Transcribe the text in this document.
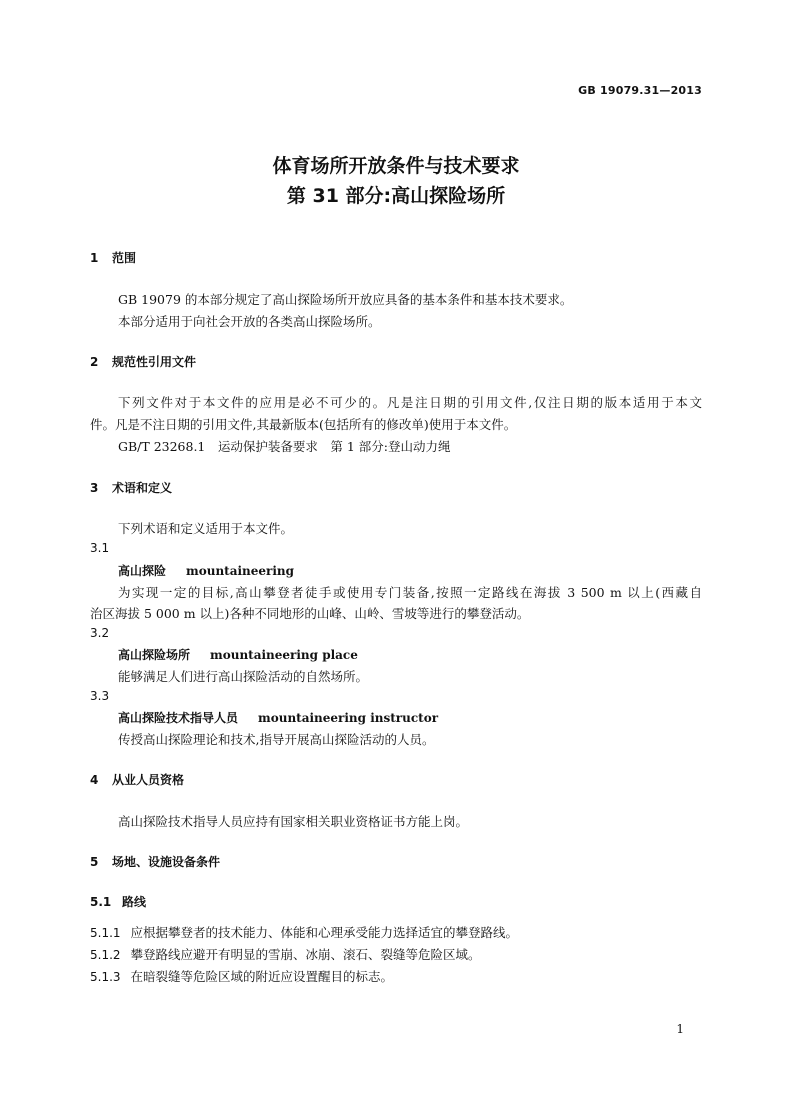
GB 19079.31—2013
体育场所开放条件与技术要求
第 31 部分:高山探险场所
1 范围
GB 19079 的本部分规定了高山探险场所开放应具备的基本条件和基本技术要求。
本部分适用于向社会开放的各类高山探险场所。
2 规范性引用文件
下列文件对于本文件的应用是必不可少的。凡是注日期的引用文件,仅注日期的版本适用于本文
件。凡是不注日期的引用文件,其最新版本(包括所有的修改单)使用于本文件。
GB/T 23268.1　运动保护装备要求　第 1 部分:登山动力绳
3 术语和定义
下列术语和定义适用于本文件。
3.1
高山探险 mountaineering
为实现一定的目标,高山攀登者徒手或使用专门装备,按照一定路线在海拔 3 500 m 以上(西藏自
治区海拔 5 000 m 以上)各种不同地形的山峰、山岭、雪坡等进行的攀登活动。
3.2
高山探险场所 mountaineering place
能够满足人们进行高山探险活动的自然场所。
3.3
高山探险技术指导人员 mountaineering instructor
传授高山探险理论和技术,指导开展高山探险活动的人员。
4 从业人员资格
高山探险技术指导人员应持有国家相关职业资格证书方能上岗。
5 场地、设施设备条件
5.1 路线
5.1.1 应根据攀登者的技术能力、体能和心理承受能力选择适宜的攀登路线。
5.1.2 攀登路线应避开有明显的雪崩、冰崩、滚石、裂缝等危险区域。
5.1.3 在暗裂缝等危险区域的附近应设置醒目的标志。
1
